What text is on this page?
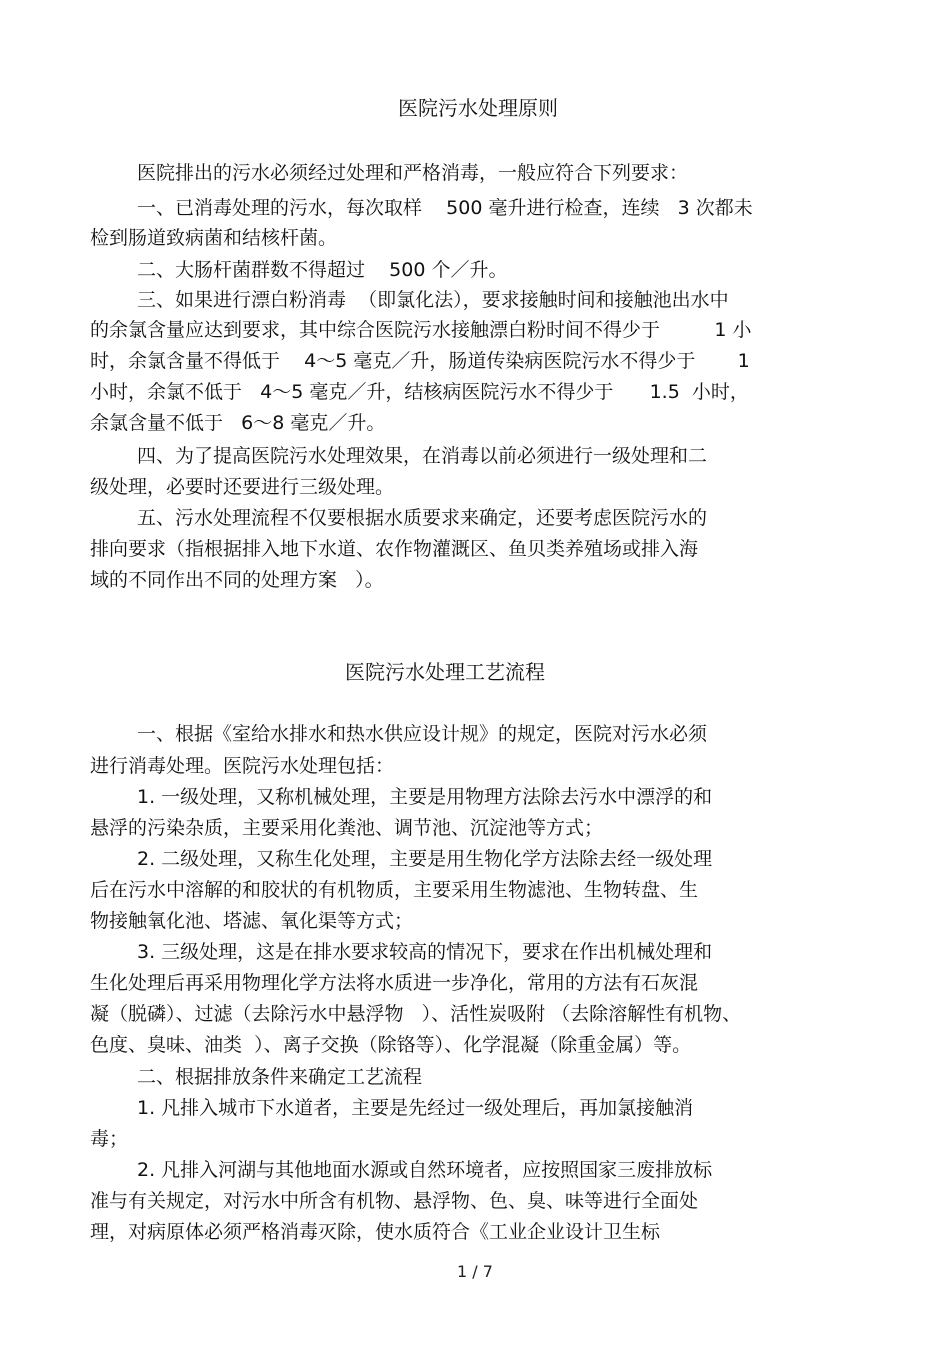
医院污水处理原则
医院排出的污水必须经过处理和严格消毒，一般应符合下列要求：
一、已消毒处理的污水，每次取样    500 毫升进行检查，连续   3 次都未
检到肠道致病菌和结核杆菌。
二、大肠杆菌群数不得超过    500 个／升。
三、如果进行漂白粉消毒  （即氯化法），要求接触时间和接触池出水中
的余氯含量应达到要求，其中综合医院污水接触漂白粉时间不得少于         1 小
时，余氯含量不得低于    4～5 毫克／升，肠道传染病医院污水不得少于       1
小时，余氯不低于   4～5 毫克／升，结核病医院污水不得少于      1.5  小时，
余氯含量不低于   6～8 毫克／升。
四、为了提高医院污水处理效果，在消毒以前必须进行一级处理和二
级处理，必要时还要进行三级处理。
五、污水处理流程不仅要根据水质要求来确定，还要考虑医院污水的
排向要求（指根据排入地下水道、农作物灌溉区、鱼贝类养殖场或排入海
域的不同作出不同的处理方案   ）。
医院污水处理工艺流程
一、根据《室给水排水和热水供应设计规》的规定，医院对污水必须
进行消毒处理。医院污水处理包括：
1. 一级处理，又称机械处理，主要是用物理方法除去污水中漂浮的和
悬浮的污染杂质，主要采用化粪池、调节池、沉淀池等方式；
2. 二级处理，又称生化处理，主要是用生物化学方法除去经一级处理
后在污水中溶解的和胶状的有机物质，主要采用生物滤池、生物转盘、生
物接触氧化池、塔滤、氧化渠等方式；
3. 三级处理，这是在排水要求较高的情况下，要求在作出机械处理和
生化处理后再采用物理化学方法将水质进一步净化，常用的方法有石灰混
凝（脱磷）、过滤（去除污水中悬浮物   ）、活性炭吸附 （去除溶解性有机物、
色度、臭味、油类  ）、离子交换（除铬等）、化学混凝（除重金属）等。
二、根据排放条件来确定工艺流程
1. 凡排入城市下水道者，主要是先经过一级处理后，再加氯接触消
毒；
2. 凡排入河湖与其他地面水源或自然环境者，应按照国家三废排放标
准与有关规定，对污水中所含有机物、悬浮物、色、臭、味等进行全面处
理，对病原体必须严格消毒灭除，使水质符合《工业企业设计卫生标
1 / 7
